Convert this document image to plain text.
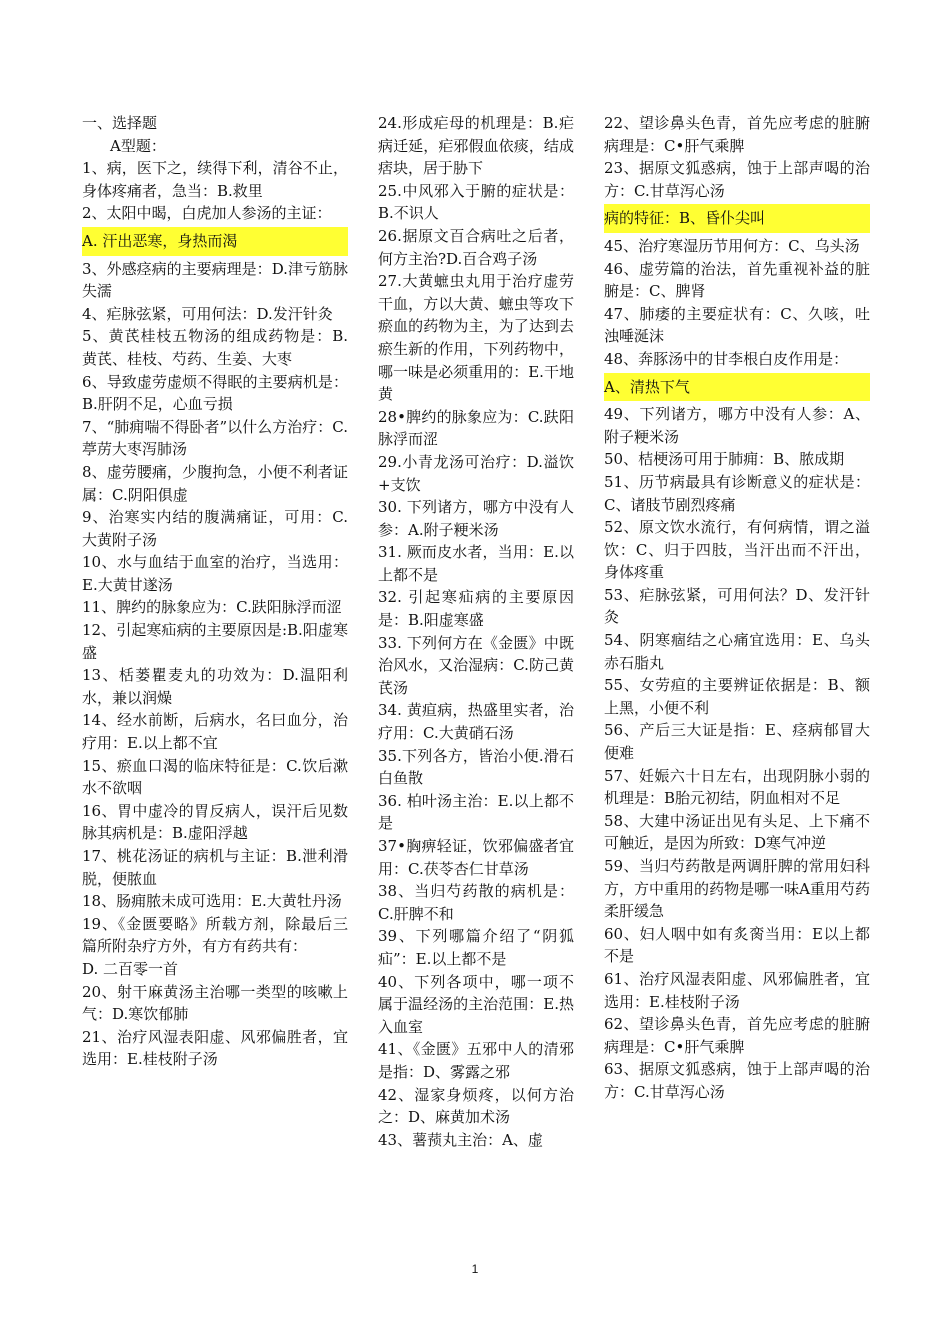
一、选择题

A型题：

1、病，医下之，续得下利，清谷不止，身体疼痛者，急当：B.救里

2、太阳中暍，白虎加人参汤的主证：

A. 汗出恶寒，身热而渴

3、外感痉病的主要病理是：D.津亏筋脉失濡

4、疟脉弦紧，可用何法：D.发汗针灸

5、黄芪桂枝五物汤的组成药物是：B. 黄芪、桂枝、芍药、生姜、大枣

6、导致虚劳虚烦不得眠的主要病机是：B.肝阴不足，心血亏损

7、“肺痈喘不得卧者”以什么方治疗：C.葶苈大枣泻肺汤

8、虚劳腰痛，少腹拘急，小便不利者证属：C.阴阳俱虚

9、治寒实内结的腹满痛证，可用：C. 大黄附子汤

10、水与血结于血室的治疗，当选用：E.大黄甘遂汤

11、脾约的脉象应为：C.趺阳脉浮而涩

12、引起寒疝病的主要原因是:B.阳虚寒盛

13、栝蒌瞿麦丸的功效为：D.温阳利水，兼以润燥

14、经水前断，后病水，名曰血分，治疗用：E.以上都不宜

15、瘀血口渴的临床特征是：C.饮后漱水不欲咽

16、胃中虚冷的胃反病人，误汗后见数脉其病机是：B.虚阳浮越

17、桃花汤证的病机与主证：B.泄利滑脱，便脓血

18、肠痈脓未成可选用：E.大黄牡丹汤

19、《金匮要略》所载方剂，除最后三篇所附杂疗方外，有方有药共有：

D. 二百零一首

20、射干麻黄汤主治哪一类型的咳嗽上气：D.寒饮郁肺

21、治疗风湿表阳虚、风邪偏胜者，宜选用：E.桂枝附子汤

24.形成疟母的机理是：B.疟病迁延，疟邪假血依痰，结成痞块，居于胁下

25.中风邪入于腑的症状是：B.不识人

26.据原文百合病吐之后者，何方主治?D.百合鸡子汤

27.大黄蟅虫丸用于治疗虚劳干血，方以大黄、蟅虫等攻下瘀血的药物为主，为了达到去瘀生新的作用，下列药物中，哪一味是必须重用的：E.干地黄

28•脾约的脉象应为：C.趺阳脉浮而涩

29.小青龙汤可治疗：D.溢饮+支饮

30. 下列诸方，哪方中没有人参：A.附子粳米汤

31. 厥而皮水者，当用：E.以上都不是

32. 引起寒疝病的主要原因是：B.阳虚寒盛

33. 下列何方在《金匮》中既治风水，又治湿病：C.防己黄芪汤

34. 黄疸病，热盛里实者，治疗用：C.大黄硝石汤

35.下列各方，皆治小便.滑石白鱼散

36. 柏叶汤主治：E.以上都不是

37•胸痹轻证，饮邪偏盛者宜用：C.茯苓杏仁甘草汤

38、当归芍药散的病机是：C.肝脾不和

39、下列哪篇介绍了“阴狐疝”：E.以上都不是

40、下列各项中，哪一项不属于温经汤的主治范围：E.热入血室

41、《金匮》五邪中人的清邪是指：D、雾露之邪

42、湿家身烦疼，以何方治之：D、麻黄加术汤

43、薯蓣丸主治：A、虚

22、望诊鼻头色青，首先应考虑的脏腑病理是：C•肝气乘脾

23、据原文狐惑病，蚀于上部声喝的治方：C.甘草泻心汤

病的特征：B、昏仆尖叫

45、治疗寒湿历节用何方：C、乌头汤

46、虚劳篇的治法，首先重视补益的脏腑是：C、脾肾

47、肺痿的主要症状有：C、久咳，吐浊唾涎沫

48、奔豚汤中的甘李根白皮作用是：

A、清热下气

49、下列诸方，哪方中没有人参：A、附子粳米汤

50、桔梗汤可用于肺痈：B、脓成期

51、历节病最具有诊断意义的症状是：C、诸肢节剧烈疼痛

52、原文饮水流行，有何病情，谓之溢饮：C、归于四肢，当汗出而不汗出，身体疼重

53、疟脉弦紧，可用何法？D、发汗针灸

54、阴寒痼结之心痛宜选用：E、乌头赤石脂丸

55、女劳疸的主要辨证依据是：B、额上黑，小便不利

56、产后三大证是指：E、痉病郁冒大便难

57、妊娠六十日左右，出现阴脉小弱的机理是：B胎元初结，阴血相对不足

58、大建中汤证出见有头足、上下痛不可触近，是因为所致：D寒气冲逆

59、当归芍药散是两调肝脾的常用妇科方，方中重用的药物是哪一味A重用芍药柔肝缓急

60、妇人咽中如有炙脔当用：E以上都不是

61、治疗风湿表阳虚、风邪偏胜者，宜选用：E.桂枝附子汤

62、望诊鼻头色青，首先应考虑的脏腑病理是：C•肝气乘脾

63、据原文狐惑病，蚀于上部声喝的治方：C.甘草泻心汤

1
